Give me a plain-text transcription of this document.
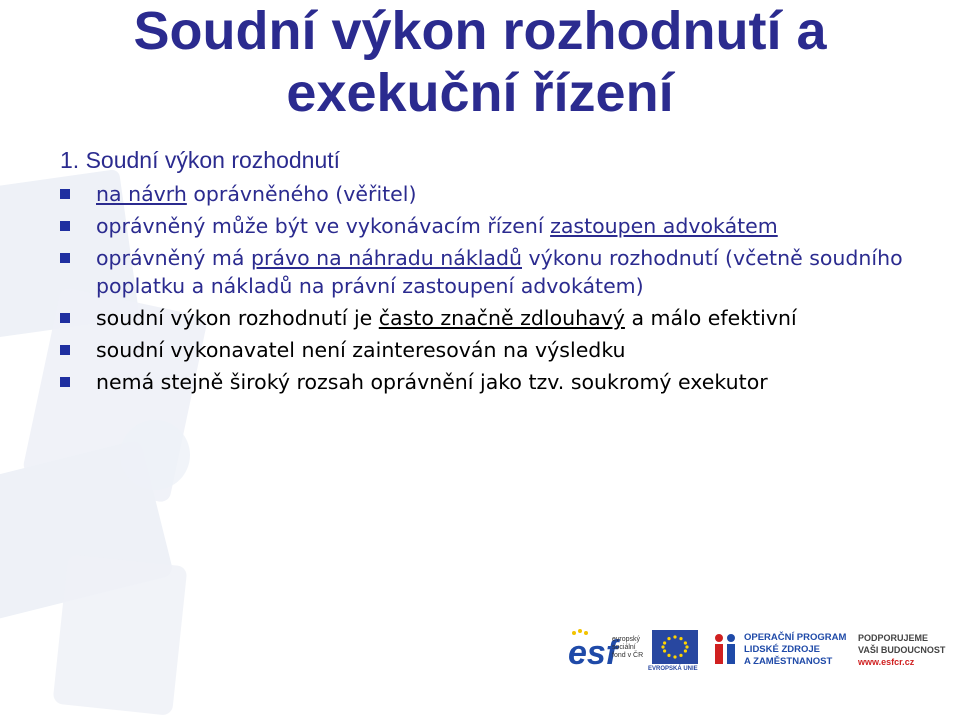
Soudní výkon rozhodnutí a
exekuční řízení
1. Soudní výkon rozhodnutí
na návrh oprávněného (věřitel)
oprávněný může být ve vykonávacím řízení zastoupen advokátem
oprávněný má právo na náhradu nákladů výkonu rozhodnutí (včetně soudního poplatku a nákladů na právní zastoupení advokátem)
soudní výkon rozhodnutí je často značně zdlouhavý a málo efektivní
soudní vykonavatel není zainteresován na výsledku
nemá stejně široký rozsah oprávnění jako tzv. soukromý exekutor
esf
evropský
sociální
fond v ČR
EVROPSKÁ UNIE
OPERAČNÍ PROGRAM
LIDSKÉ ZDROJE
A ZAMĚSTNANOST
PODPORUJEME
VAŠI BUDOUCNOST
www.esfcr.cz
